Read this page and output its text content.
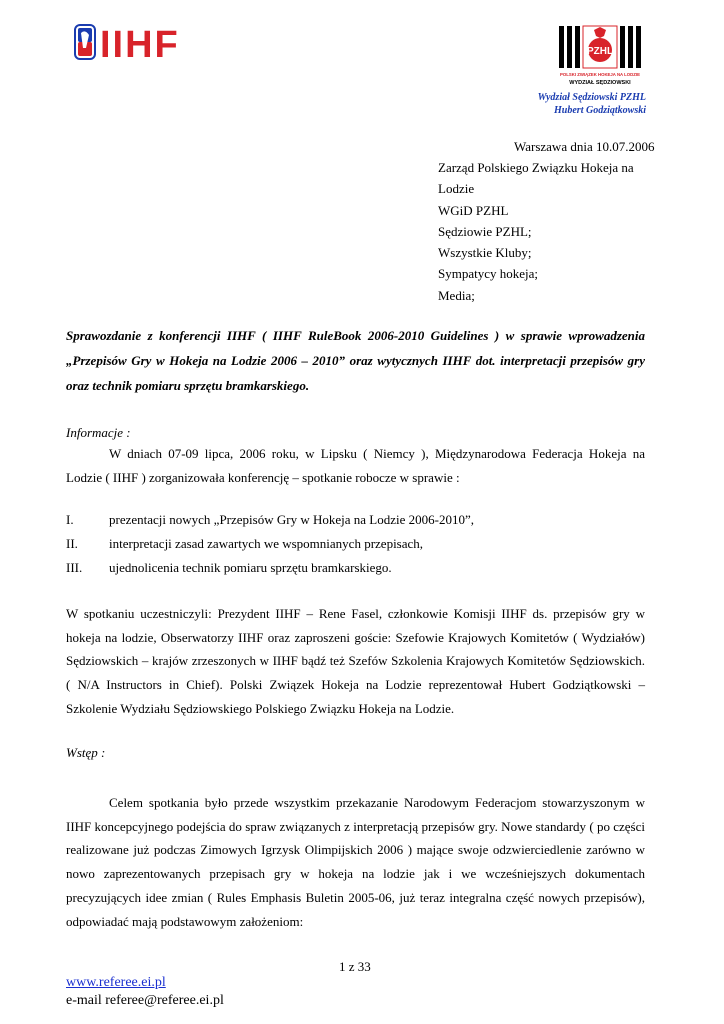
IIHF	PZHL
POLSKI ZWIĄZEK HOKEJA NA LODZIE
WYDZIAŁ SĘDZIOWSKI
Wydział Sędziowski PZHL
Hubert Godziątkowski
Warszawa dnia 10.07.2006
Zarząd Polskiego Związku Hokeja na
Lodzie
WGiD PZHL
Sędziowie PZHL;
Wszystkie Kluby;
Sympatycy hokeja;
Media;
Sprawozdanie z konferencji IIHF ( IIHF RuleBook 2006-2010 Guidelines ) w sprawie wprowadzenia „Przepisów Gry w Hokeja na Lodzie 2006 – 2010” oraz wytycznych IIHF dot. interpretacji przepisów gry oraz technik pomiaru sprzętu bramkarskiego.
Informacje :
W dniach 07-09 lipca, 2006 roku, w Lipsku ( Niemcy ), Międzynarodowa Federacja Hokeja na
Lodzie ( IIHF ) zorganizowała konferencję – spotkanie robocze w sprawie :
I.	prezentacji nowych „Przepisów Gry w Hokeja na Lodzie 2006-2010”,
II. interpretacji zasad zawartych we wspomnianych przepisach,
III. ujednolicenia technik pomiaru sprzętu bramkarskiego.
W spotkaniu uczestniczyli: Prezydent IIHF – Rene Fasel, członkowie Komisji IIHF ds. przepisów gry w hokeja na lodzie, Obserwatorzy IIHF oraz zaproszeni goście: Szefowie Krajowych Komitetów ( Wydziałów) Sędziowskich – krajów zrzeszonych w IIHF bądź też Szefów Szkolenia Krajowych Komitetów Sędziowskich. ( N/A Instructors in Chief). Polski Związek Hokeja na Lodzie reprezentował Hubert Godziątkowski – Szkolenie Wydziału Sędziowskiego Polskiego Związku Hokeja na Lodzie.
Wstęp :
Celem spotkania było przede wszystkim przekazanie Narodowym Federacjom stowarzyszonym w
IIHF koncepcyjnego podejścia do spraw związanych z interpretacją przepisów gry. Nowe standardy ( po części realizowane już podczas Zimowych Igrzysk Olimpijskich 2006 ) mające swoje odzwierciedlenie zarówno w nowo zaprezentowanych przepisach gry w hokeja na lodzie jak i we wcześniejszych dokumentach precyzujących idee zmian ( Rules Emphasis Buletin 2005-06, już teraz integralna część nowych przepisów), odpowiadać mają podstawowym założeniom:
1 z 33
www.referee.ei.pl
e-mail referee@referee.ei.pl
